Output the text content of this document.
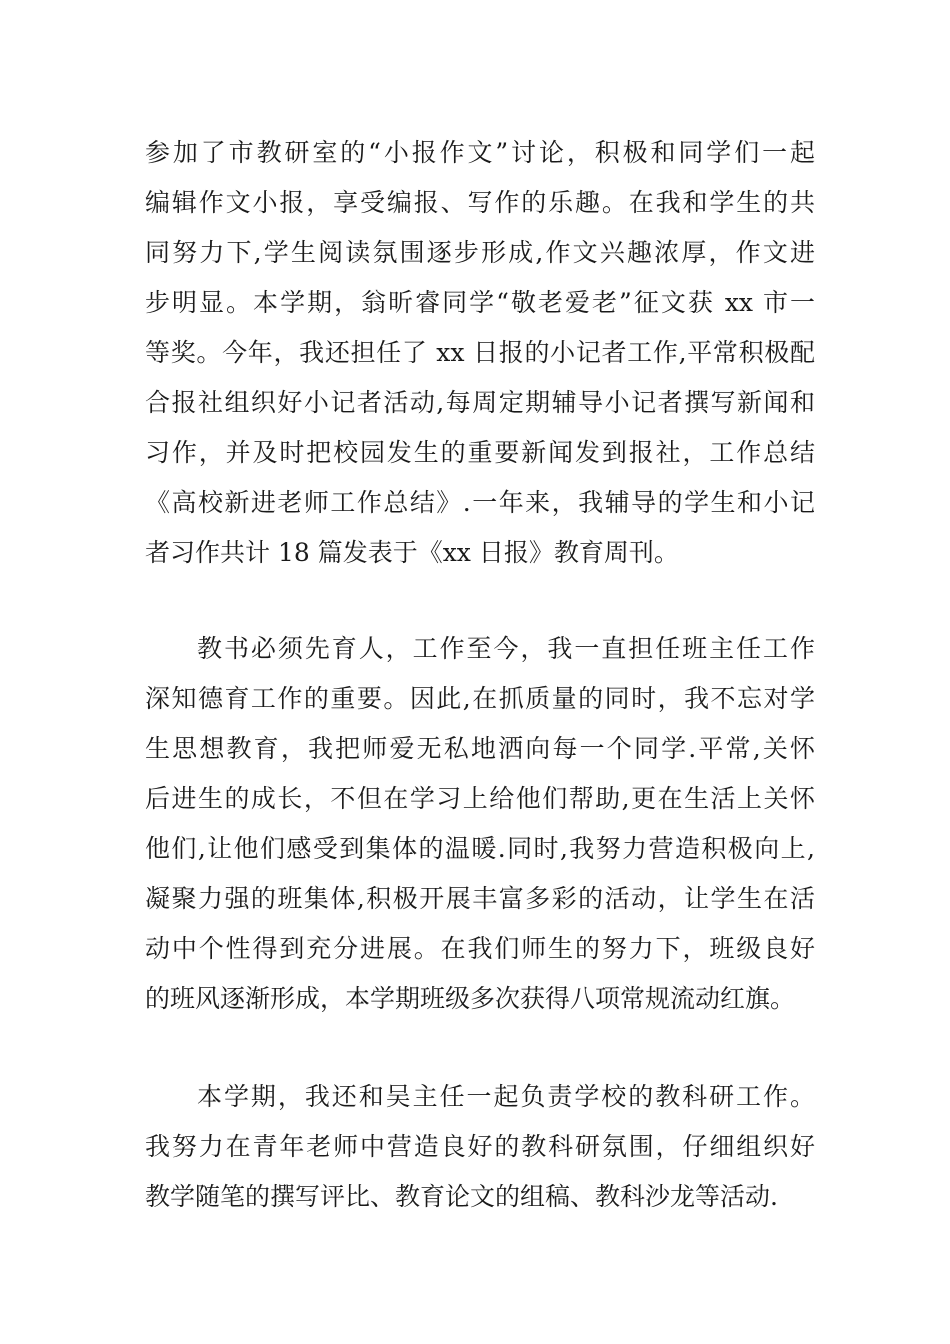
参加了市教研室的“小报作文”讨论，积极和同学们一起
编辑作文小报，享受编报、写作的乐趣。在我和学生的共
同努力下,学生阅读氛围逐步形成,作文兴趣浓厚，作文进
步明显。本学期，翁昕睿同学“敬老爱老”征文获 xx 市一
等奖。今年，我还担任了 xx 日报的小记者工作,平常积极配
合报社组织好小记者活动,每周定期辅导小记者撰写新闻和
习作，并及时把校园发生的重要新闻发到报社，工作总结
《高校新进老师工作总结》.一年来，我辅导的学生和小记
者习作共计 18 篇发表于《xx 日报》教育周刊。
教书必须先育人，工作至今，我一直担任班主任工作
深知德育工作的重要。因此,在抓质量的同时，我不忘对学
生思想教育，我把师爱无私地洒向每一个同学.平常,关怀
后进生的成长，不但在学习上给他们帮助,更在生活上关怀
他们,让他们感受到集体的温暖.同时,我努力营造积极向上,
凝聚力强的班集体,积极开展丰富多彩的活动，让学生在活
动中个性得到充分进展。在我们师生的努力下，班级良好
的班风逐渐形成，本学期班级多次获得八项常规流动红旗。
本学期，我还和吴主任一起负责学校的教科研工作。
我努力在青年老师中营造良好的教科研氛围，仔细组织好
教学随笔的撰写评比、教育论文的组稿、教科沙龙等活动.
